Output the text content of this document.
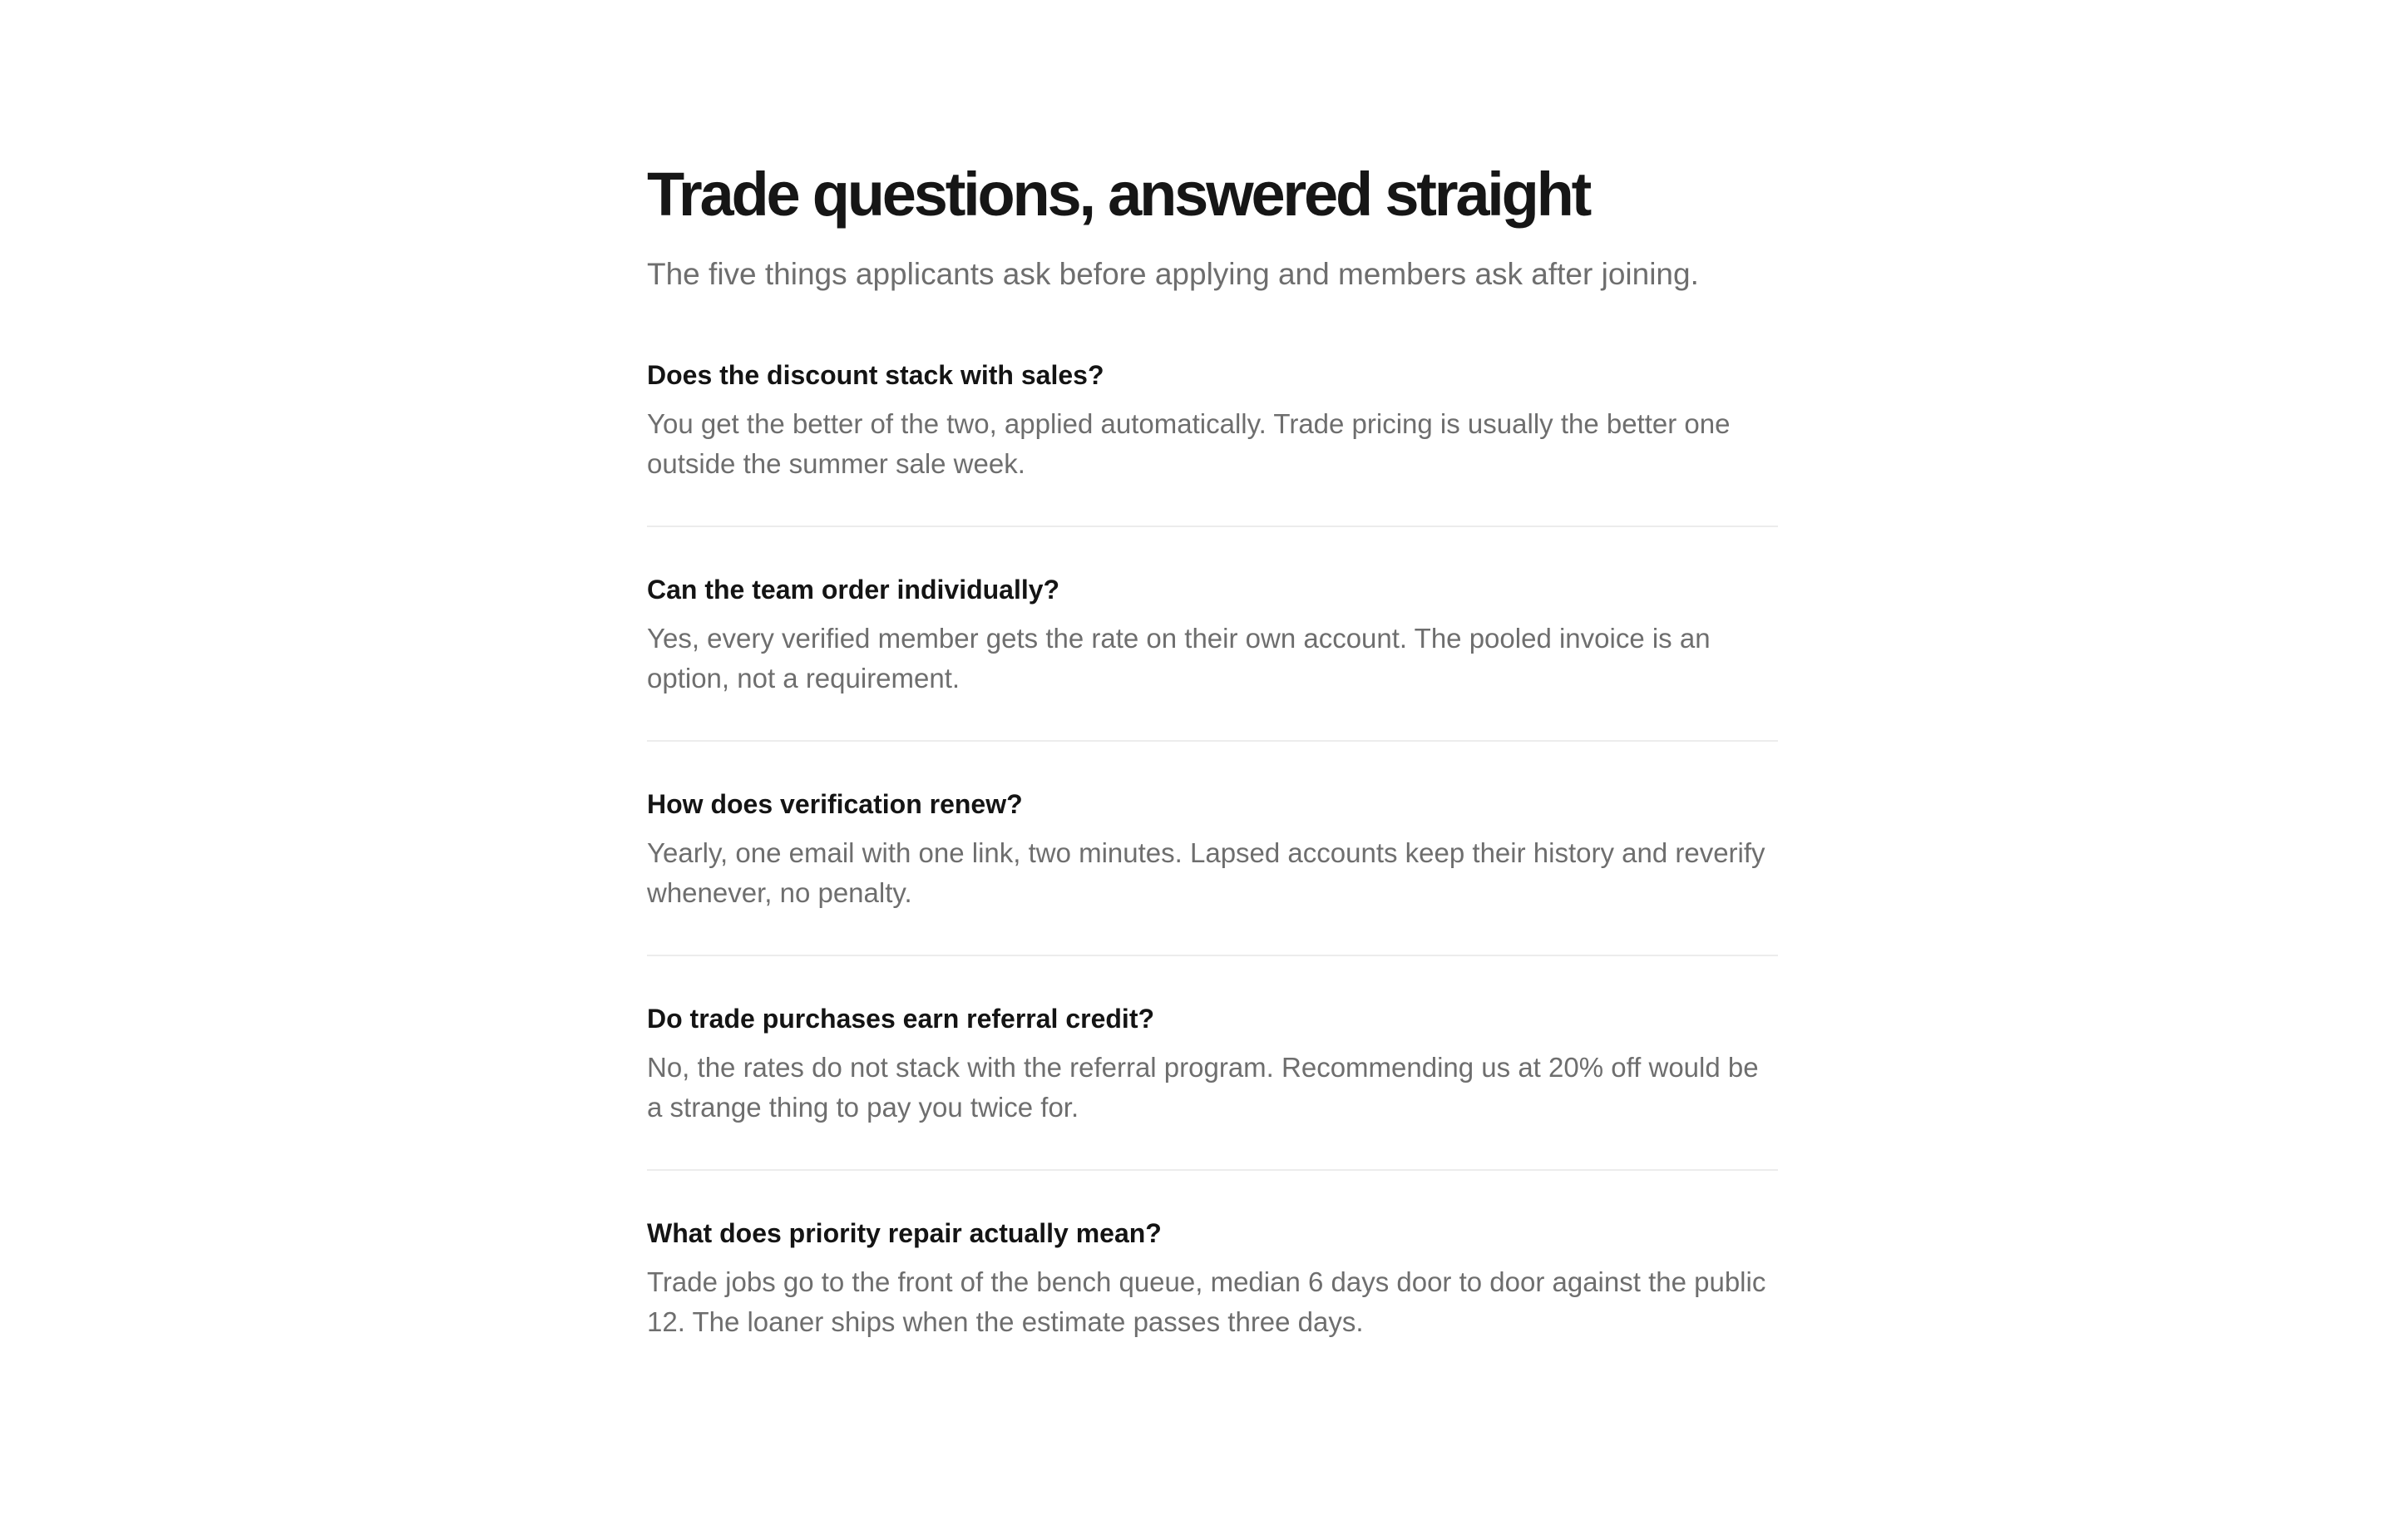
Trade questions, answered straight

The five things applicants ask before applying and members ask after joining.

Does the discount stack with sales?

You get the better of the two, applied automatically. Trade pricing is usually the better one outside the summer sale week.

Can the team order individually?

Yes, every verified member gets the rate on their own account. The pooled invoice is an option, not a requirement.

How does verification renew?

Yearly, one email with one link, two minutes. Lapsed accounts keep their history and reverify whenever, no penalty.

Do trade purchases earn referral credit?

No, the rates do not stack with the referral program. Recommending us at 20% off would be a strange thing to pay you twice for.

What does priority repair actually mean?

Trade jobs go to the front of the bench queue, median 6 days door to door against the public 12. The loaner ships when the estimate passes three days.
